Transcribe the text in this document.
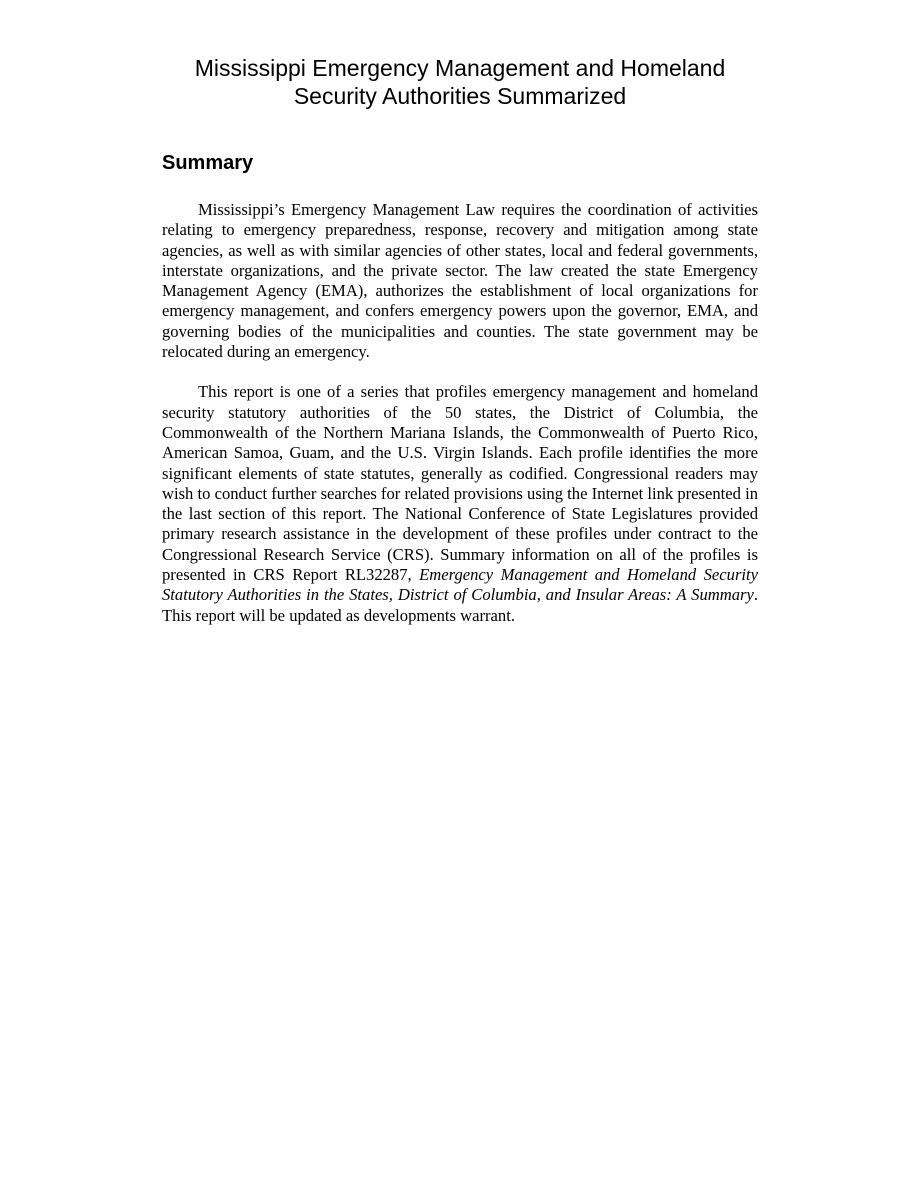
Mississippi Emergency Management and Homeland
Security Authorities Summarized
Summary

Mississippi’s Emergency Management Law requires the coordination of activities relating to emergency preparedness, response, recovery and mitigation among state agencies, as well as with similar agencies of other states, local and federal governments, interstate organizations, and the private sector. The law created the state Emergency Management Agency (EMA), authorizes the establishment of local organizations for emergency management, and confers emergency powers upon the governor, EMA, and governing bodies of the municipalities and counties. The state government may be relocated during an emergency.

This report is one of a series that profiles emergency management and homeland security statutory authorities of the 50 states, the District of Columbia, the Commonwealth of the Northern Mariana Islands, the Commonwealth of Puerto Rico, American Samoa, Guam, and the U.S. Virgin Islands. Each profile identifies the more significant elements of state statutes, generally as codified. Congressional readers may wish to conduct further searches for related provisions using the Internet link presented in the last section of this report. The National Conference of State Legislatures provided primary research assistance in the development of these profiles under contract to the Congressional Research Service (CRS). Summary information on all of the profiles is presented in CRS Report RL32287, Emergency Management and Homeland Security Statutory Authorities in the States, District of Columbia, and Insular Areas: A Summary. This report will be updated as developments warrant.
